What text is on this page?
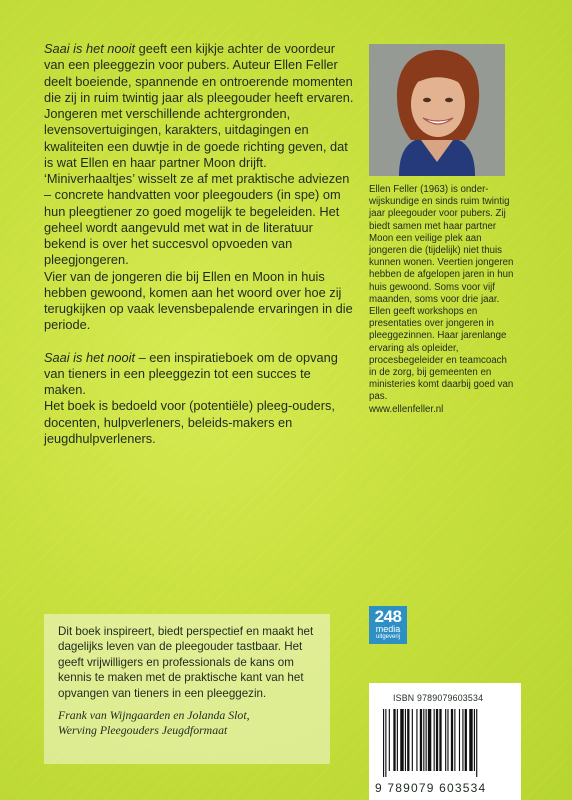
Saai is het nooit geeft een kijkje achter de voordeur van een pleeggezin voor pubers. Auteur Ellen Feller deelt boeiende, spannende en ontroerende momenten die zij in ruim twintig jaar als pleegouder heeft ervaren. Jongeren met verschillende achtergronden, levensovertuigingen, karakters, uitdagingen en kwaliteiten een duwtje in de goede richting geven, dat is wat Ellen en haar partner Moon drijft.

‘Miniverhaaltjes’ wisselt ze af met praktische adviezen – concrete handvatten voor pleegouders (in spe) om hun pleegtiener zo goed mogelijk te begeleiden. Het geheel wordt aangevuld met wat in de literatuur bekend is over het succesvol opvoeden van pleegjongeren.

Vier van de jongeren die bij Ellen en Moon in huis hebben gewoond, komen aan het woord over hoe zij terugkijken op vaak levensbepalende ervaringen in die periode.

Saai is het nooit – een inspiratieboek om de opvang van tieners in een pleeggezin tot een succes te maken.

Het boek is bedoeld voor (potentiële) pleeg-ouders, docenten, hulpverleners, beleids-makers en jeugdhulpverleners.

Ellen Feller (1963) is onder-wijskundige en sinds ruim twintig jaar pleegouder voor pubers. Zij biedt samen met haar partner Moon een veilige plek aan jongeren die (tijdelijk) niet thuis kunnen wonen. Veertien jongeren hebben de afgelopen jaren in hun huis gewoond. Soms voor vijf maanden, soms voor drie jaar.

Ellen geeft workshops en presentaties over jongeren in pleeggezinnen. Haar jarenlange ervaring als opleider, procesbegeleider en teamcoach in de zorg, bij gemeenten en ministeries komt daarbij goed van pas.

www.ellenfeller.nl

Dit boek inspireert, biedt perspectief en maakt het dagelijks leven van de pleegouder tastbaar. Het geeft vrijwilligers en professionals de kans om kennis te maken met de praktische kant van het opvangen van tieners in een pleeggezin.

Frank van Wijngaarden en Jolanda Slot,
Werving Pleegouders Jeugdformaat

248
media
uitgeverij
ISBN 9789079603534
9 789079 603534
